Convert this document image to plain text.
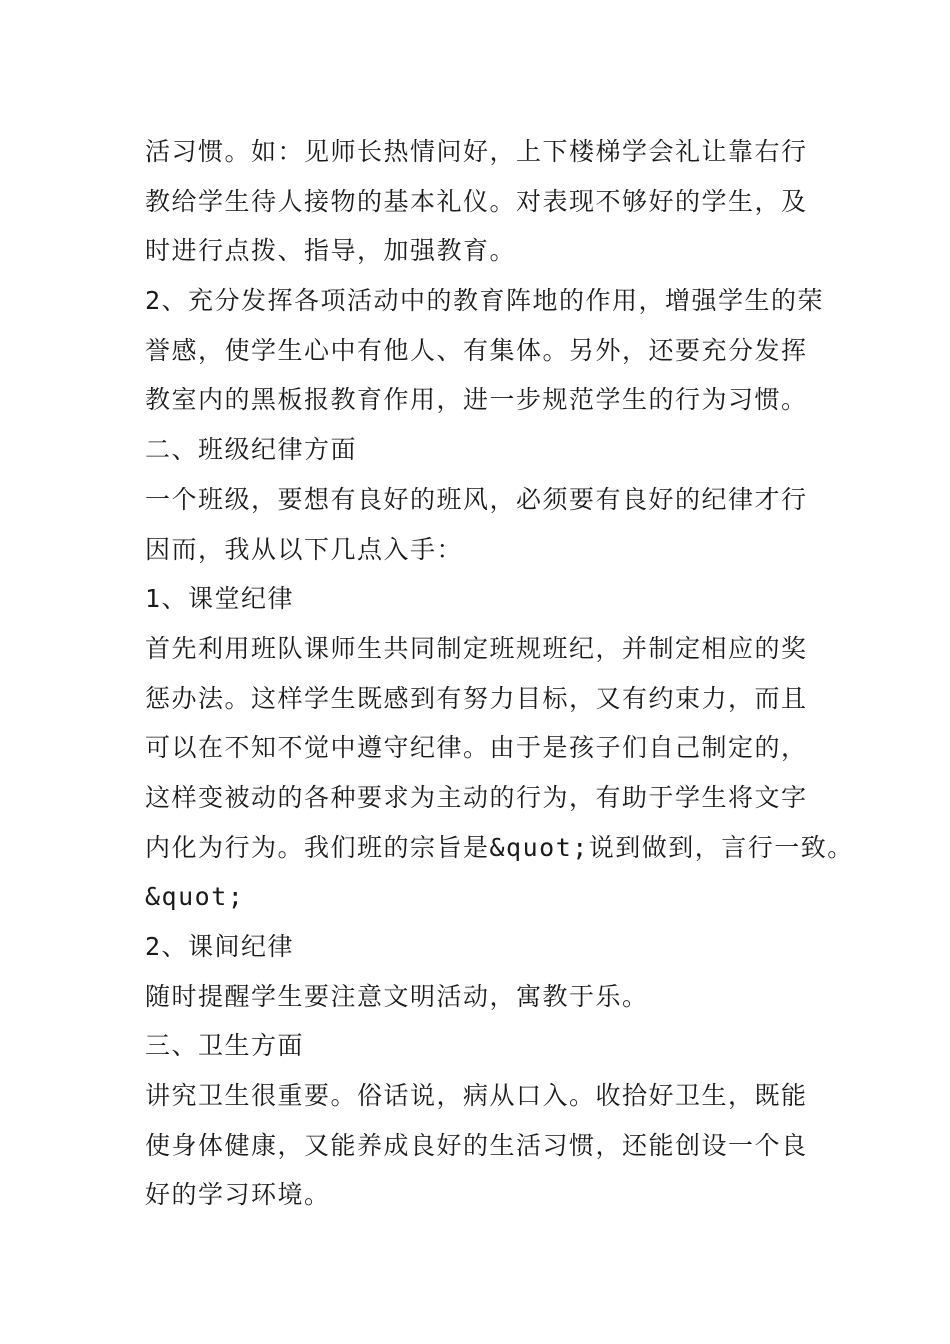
活习惯。如：见师长热情问好，上下楼梯学会礼让靠右行
教给学生待人接物的基本礼仪。对表现不够好的学生，及
时进行点拨、指导，加强教育。
2、充分发挥各项活动中的教育阵地的作用，增强学生的荣
誉感，使学生心中有他人、有集体。另外，还要充分发挥
教室内的黑板报教育作用，进一步规范学生的行为习惯。
二、班级纪律方面
一个班级，要想有良好的班风，必须要有良好的纪律才行
因而，我从以下几点入手：
1、课堂纪律
首先利用班队课师生共同制定班规班纪，并制定相应的奖
惩办法。这样学生既感到有努力目标，又有约束力，而且
可以在不知不觉中遵守纪律。由于是孩子们自己制定的，
这样变被动的各种要求为主动的行为，有助于学生将文字
内化为行为。我们班的宗旨是&quot;说到做到，言行一致。
&quot;
2、课间纪律
随时提醒学生要注意文明活动，寓教于乐。
三、卫生方面
讲究卫生很重要。俗话说，病从口入。收拾好卫生，既能
使身体健康，又能养成良好的生活习惯，还能创设一个良
好的学习环境。
